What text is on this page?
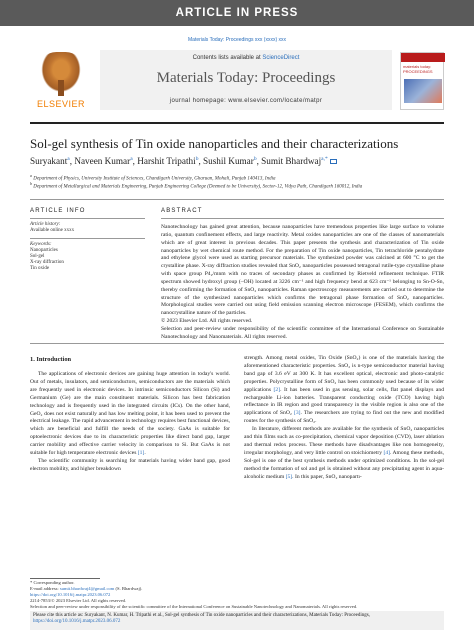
ARTICLE IN PRESS
Materials Today: Proceedings xxx (xxxx) xxx
ELSEVIER
Contents lists available at ScienceDirect
Materials Today: Proceedings
journal homepage: www.elsevier.com/locate/matpr
materials today: PROCEEDINGS
Sol-gel synthesis of Tin oxide nanoparticles and their characterizations
Suryakant$^a$, Naveen Kumar$^a$, Harshit Tripathi$^b$, Sushil Kumar$^b$, Sumit Bhardwaj$^{a,*}$
$^a$ Department of Physics, University Institute of Sciences, Chandigarh University, Gharuan, Mohali, Punjab 140413, India
$^b$ Department of Metallurgical and Materials Engineering, Punjab Engineering College (Deemed to be University), Sector-12, Vidya Path, Chandigarh 160012, India
ARTICLE INFO	ABSTRACT
Article history:
Available online xxxx
Keywords:
Nanoparticles
Sol-gel
X-ray diffraction
Tin oxide
Nanotechnology has gained great attention, because nanoparticles have tremendous properties like large surface to volume ratio, quantum confinement effects, and large reactivity. Metal oxides nanoparticles are one of the classes of nanomaterials which are of great interest in previous decades. This paper presents the synthesis and characterization of Tin oxide nanoparticles by wet chemical route method. For the preparation of Tin oxide nanoparticles, Tin tetrachloride pentahydrate and ethylene glycol were used as starting precursor materials. The synthesized powder was calcined at 600 °C to get the crystalline phase. X-ray diffraction studies revealed that SnO₂ nanoparticles possessed tetragonal rutile-type crystalline phase with space group P4₂/mnm with no traces of secondary phases as confirmed by Rietveld refinement technique. FTIR spectrum showed hydroxyl group (–OH) located at 3226 cm⁻¹ and high frequency bend at 623 cm⁻¹ belonging to Sn-O-Sn, thereby confirming the formation of SnO₂ nanoparticles. Raman spectroscopy measurements are carried out to determine the structure of the synthesized nanoparticles which confirms the tetragonal phase formation of SnO₂ nanoparticles. Morphological studies were carried out using field emission scanning electron microscope (FESEM), which confirms the nanocrystalline nature of the particles.
© 2023 Elsevier Ltd. All rights reserved.
Selection and peer-review under responsibility of the scientific committee of the International Conference on Sustainable Nanotechnology and Nanomaterials. All rights reserved.
1. Introduction

The applications of electronic devices are gaining huge attention in today's world. Out of metals, insulators, and semiconductors, semiconductors are the materials which are frequently used in electronic devices. In intrinsic semiconductors Silicon (Si) and Germanium (Ge) are the main constituent materials. Silicon has best fabrication technology and is frequently used in the integrated circuits (ICs). On the other hand, GeO₂ does not exist naturally and has low melting point, it has been used to prevent the electrical leakage. The rapid advancement in technology requires best functional devices, which are beneficial and fulfill the needs of the society. GaAs is suitable for optoelectronic devices due to its characteristic properties like direct band gap, larger carrier mobility and effective carrier velocity in comparison to Si. But GaAs is not suitable for high temperature electronic devices [1].

The scientific community is searching for materials having wider band gap, good electron mobility, and higher breakdown

strength. Among metal oxides, Tin Oxide (SnO₂) is one of the materials having the aforementioned characteristic properties. SnO₂ is n-type semiconductor material having band gap of 3.6 eV at 300 K. It has excellent optical, electronic and photo-catalytic properties. Polycrystalline form of SnO₂ has been commonly used because of its wider applications [2]. It has been used in gas sensing, solar cells, flat panel displays and rechargeable Li-ion batteries. Transparent conducting oxide (TCO) having high reflectance in IR region and good transparency in the visible region is also one of the applications of SnO₂ [3]. The researchers are trying to find out the new and modified routes for the synthesis of SnO₂.

In literature, different methods are available for the synthesis of SnO₂ nanoparticles and thin films such as co-precipitation, chemical vapor deposition (CVD), laser ablation and thermal redox process. These methods have disadvantages like non homogeneity, irregular morphology, and very little control on stoichiometry [4]. Among these methods, Sol-gel is one of the best synthesis methods under optimized conditions. In the sol-gel method the formation of sol and gel is obtained without any precipitating agent in aqua-alcoholic medium [5]. In this paper, SnO₂ nanopartı-

* Corresponding author.
E-mail address: sumit.bhardwaj4@gmail.com (S. Bhardwaj).
https://doi.org/10.1016/j.matpr.2023.06.072
2214-7853/© 2023 Elsevier Ltd. All rights reserved.
Selection and peer-review under responsibility of the scientific committee of the International Conference on Sustainable Nanotechnology and Nanomaterials. All rights reserved.
Please cite this article as: Suryakant, N. Kumar, H. Tripathi et al., Sol-gel synthesis of Tin oxide nanoparticles and their characterizations, Materials Today: Proceedings, https://doi.org/10.1016/j.matpr.2023.06.072
